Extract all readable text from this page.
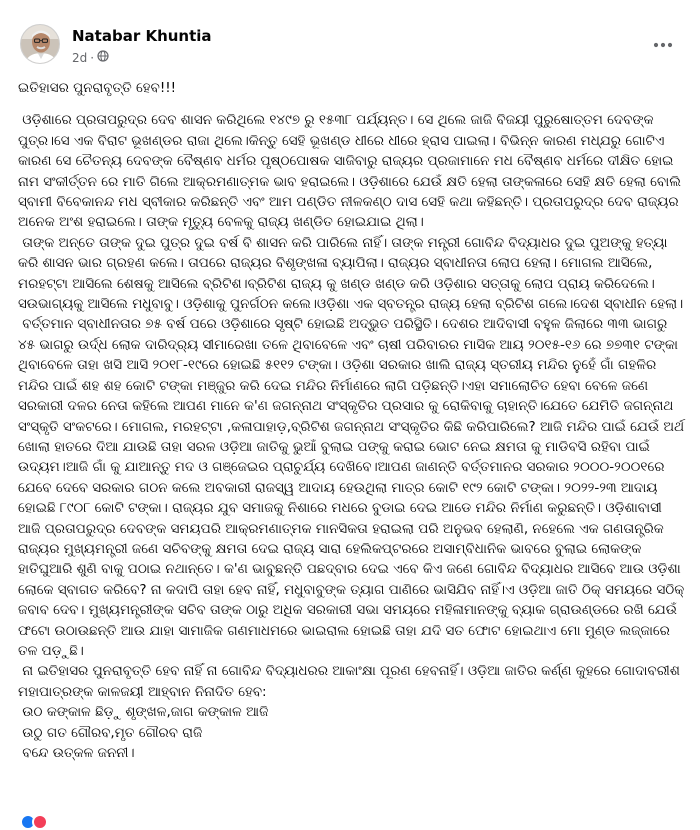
Natabar Khuntia
2d ·

ଇତିହାସର ପୁନରାବୃତ୍ତି ହେବ!!!

ଓଡ଼ିଶାରେ ପ୍ରତାପରୁଦ୍ର ଦେବ ଶାସନ କରିଥିଲେ ୧୪୯୭ ରୁ ୧୫୩୮ ପର୍ଯ୍ୟନ୍ତ। ସେ ଥିଲେ ଜାଜି ବିଜୟୀ ପୁରୁଷୋତ୍ତମ ଦେବଙ୍କ ପୁତ୍ର।ସେ ଏକ ବିରାଟ ଭୂଖଣ୍ଡର ରାଜା ଥିଲେ।କିନ୍ତୁ ସେହି ଭୂଖଣ୍ଡ ଧୀରେ ଧୀରେ ହ୍ରାସ ପାଇଲା। ବିଭିନ୍ନ କାରଣ ମଧ୍ଯରୁ ଗୋଟିଏ କାରଣ ସେ ଚୈତନ୍ୟ ଦେବଙ୍କ ବୈଷ୍ଣବ ଧର୍ମର ପୃଷ୍ଠପୋଷକ ସାଜିବାରୁ ରାଜ୍ୟର ପ୍ରଜାମାନେ ମଧ ବୈଷ୍ଣବ ଧର୍ମରେ ଦୀକ୍ଷିତ ହୋଇ ନାମ ସଂକୀର୍ତ୍ତନ ରେ ମାତି ଗିଲେ ଆକ୍ରମଣାତ୍ମକ ଭାବ ହରାଇଲେ। ଓଡ଼ିଶାରେ ଯେଉଁ କ୍ଷତି ହେଲା ତାଙ୍କଳାରେ ସେହି କ୍ଷତି ହେଲା ବୋଲି ସ୍ବାମୀ ବିବେକାନନ୍ଦ ମଧ ସ୍ବୀକାର କରିଛନ୍ତି ଏବଂ ଆମ ପଣ୍ଡିତ ନୀଳକଣ୍ଠ ଦାସ ସେହି କଥା କହିଛନ୍ତି। ପ୍ରତାପରୁଦ୍ର ଦେବ ରାଜ୍ୟର ଅନେକ ଅଂଶ ହରାଇଲେ। ତାଙ୍କ ମୃତ୍ୟୁ ବେଳକୁ ରାଜ୍ୟ ଖଣ୍ଡିତ ହୋଇଯାଇ ଥିଲା।

ତାଙ୍କ ଅନ୍ତେ ତାଙ୍କ ଦୁଇ ପୁତ୍ର ଦୁଇ ବର୍ଷ ବି ଶାସନ କରି ପାରିଲେ ନାହିଁ। ତାଙ୍କ ମନ୍ତ୍ରୀ ଗୋବିନ୍ଦ ବିଦ୍ୟାଧର ଦୁଇ ପୁଅଙ୍କୁ ହତ୍ୟା କରି ଶାସନ ଭାର ଗ୍ରହଣ କଲେ। ତାପରେ ରାଜ୍ୟର ବିଶୃଙ୍ଖଳା ବ୍ୟାପିଲା। ରାଜ୍ୟର ସ୍ବାଧୀନତା ଲୋପ ହେଲା। ମୋଗଲ ଆସିଲେ, ମରହଟ୍ଟା ଆସିଲେ ଶେଷକୁ ଆସିଲେ ବ୍ରିଟିଶ।ବ୍ରିଟିଶ ରାଜ୍ୟ କୁ ଖଣ୍ଡ ଖଣ୍ଡ କରି ଓଡ଼ିଶାର ସତ୍ତାକୁ ଲୋପ ପ୍ରାୟ କରିଦେଲେ। ସଉଭାଗ୍ୟକୁ ଆସିଲେ ମଧୁବାବୁ। ଓଡ଼ିଶାକୁ ପୁନର୍ଗଠନ କଲେ।ଓଡ଼ିଶା ଏକ ସ୍ବତନ୍ତ୍ର ରାଜ୍ୟ ହେଲା ବ୍ରିଟିଶ ଗଲେ।ଦେଶ ସ୍ବାଧୀନ ହେଲା।

ବର୍ତ୍ତମାନ ସ୍ବାଧୀନତାର ୭୫ ବର୍ଷ ପରେ ଓଡ଼ିଶାରେ ସୃଷ୍ଟି ହୋଇଛି ଅଦ୍ଭୁତ ପରିସ୍ଥିତି। ଦେଶର ଆଦିବାସୀ ବହୁଳ ଜିଲାରେ ୩୩ ଭାଗରୁ ୪୫ ଭାଗରୁ ଉର୍ଦ୍ଧ ଲୋକ ଦାରିଦ୍ର୍ୟ ସୀମାରେଖା ତଳେ ଥିବାବେଳେ ଏବଂ ଚାଷୀ ପରିବାରର ମାସିକ ଆୟ ୨୦୧୫-୧୬ ରେ ୭୭୩୧ ଟଙ୍କା ଥିବାବେଳେ ତାହା ଖସି ଆସି ୨୦୧୮-୧୯ରେ ହୋଇଛି ୫୧୧୨ ଟଙ୍କା। ଓଡ଼ିଶା ସରକାର ଖାଲି ରାଜ୍ୟ ସ୍ତରୀୟ ମନ୍ଦିର ନୁହେଁ ଗାଁ ଗହଳିର ମନ୍ଦିର ପାଇଁ ଶହ ଶହ କୋଟି ଟଙ୍କା ମଞ୍ଜୁର କରି ଦେଇ ମନ୍ଦିର ନିର୍ମାଣରେ ଲାଗି ପଡ଼ିଛନ୍ତି।ଏହା ସମାଲୋଚିତ ହେବା ବେଳେ ଜଣେ ସରକାରୀ ଦଳର ନେତା କହିଲେ ଆପଣ ମାନେ କ'ଣ ଜଗନ୍ନାଥ ସଂସ୍କୃତିର ପ୍ରସାର କୁ ରୋକିବାକୁ ଚାହାନ୍ତି।ଯେତେ ଯେମିତି ଜଗନ୍ନାଥ ସଂସ୍କୃତି ସଂକଟରେ। ମୋଗଲ, ମରହଟ୍ଟା ,କଳାପାହାଡ଼,ବ୍ରିଟିଶ ଜଗନ୍ନାଥ ସଂସ୍କୃତିର କିଛି କରିପାରିଲେ? ଆଜି ମନ୍ଦିର ପାଇଁ ଯେଉଁ ଅର୍ଥ ଖୋଲା ହାତରେ ଦିଆ ଯାଉଛି ତାହା ସରଳ ଓଡ଼ିଆ ଜାତିକୁ ଭୁଆଁ ବୁଲାଇ ପଙ୍କୁ କରାଇ ଭୋଟ ନେଇ କ୍ଷମତା କୁ ମାଡିବସି ରହିବା ପାଇଁ ଉଦ୍ୟମ।ଆଜି ଗାଁ କୁ ଯାଆନ୍ତୁ ମଦ ଓ ଗଞ୍ଜେଇର ପ୍ରାଚୁର୍ଯ୍ୟ ଦେଖିବେ।ଆପଣ ଜାଣନ୍ତି ବର୍ତ୍ତମାନର ସରକାର ୨୦୦୦-୨୦୦୧ରେ ଯେବେ ଦେବେ ସରକାର ଗଠନ କଲେ ଅବକାରୀ ରାଜସ୍ୱ ଆଦାୟ ହେଉଥିଲା ମାତ୍ର କୋଟି ୧୯୨ କୋଟି ଟଙ୍କା। ୨୦୨୨-୨୩ ଆଦାୟ ହୋଇଛି ୮୯୦୮ କୋଟି ଟଙ୍କା। ରାଜ୍ୟର ଯୁବ ସମାଜକୁ ନିଶାରେ ମଧରେ ବୁଡାଇ ଦେଇ ଆଡେ ମନ୍ଦିର ନିର୍ମାଣ କରୁଛନ୍ତି। ଓଡ଼ିଶାବାସୀ ଆଜି ପ୍ରତାପରୁଦ୍ର ଦେବଙ୍କ ସମୟପରି ଆକ୍ରମଣାତ୍ମକ ମାନସିକତା ହରାଇଲା ପରି ଅନୁଭବ ହେଲାଣି, ନହେଲେ ଏକ ଗଣତାନ୍ତ୍ରିକ ରାଜ୍ୟର ମୁଖ୍ୟମନ୍ତ୍ରୀ ଜଣେ ସଚିବଙ୍କୁ କ୍ଷମତା ଦେଇ ରାଜ୍ୟ ସାରା ହେଲିକପ୍ଟରରେ ଅସାମ୍ବିଧାନିକ ଭାବରେ ବୁଲାଇ ଲୋକଙ୍କ ହାତିଘୁଆରି ଶୁଣି ବାକୁ ପଠାଇ ନଥାନ୍ତେ। କ'ଣ ଭାବୁଛନ୍ତି ପଛଦ୍ବାର ଦେଇ ଏବେ କିଏ ଜଣେ ଗୋବିନ୍ଦ ବିଦ୍ୟାଧର ଆସିବେ ଆଉ ଓଡ଼ିଶା ଲୋକେ ସ୍ବାଗତ କରିବେ? ନା କଦାପି ତାହା ହେବ ନାହିଁ, ମଧୁବାବୁଙ୍କ ତ୍ୟାଗ ପାଣିରେ ଭାସିଯିବ ନାହିଁ।ଏ ଓଡ଼ିଆ ଜାତି ଠିକ୍ ସମୟରେ ସଠିକ୍ ଜବାବ ଦେବ। ମୁଖ୍ୟମନ୍ତ୍ରୀଙ୍କ ସଚିବ ତାଙ୍କ ଠାରୁ ଅଧିକ ସରକାରୀ ସଭା ସମୟରେ ମହିଳାମାନଙ୍କୁ ବ୍ୟାକ ଗ୍ରାଉଣ୍ଡରେ ରଖି ଯେଉଁ ଫଟୋ ଉଠାଉଛନ୍ତି ଆଉ ଯାହା ସାମାଜିକ ଗଣମାଧମରେ ଭାଇରାଲ ହୋଇଛି ତାହା ଯଦି ସତ ଫୋଟ ହୋଇଥାଏ ମୋ ମୁଣ୍ଡ ଲଜ୍ଜାରେ ତଳ ପଡ଼ୁଛି।

ନା ଇତିହାସର ପୁନରାବୃତ୍ତି ହେବ ନାହିଁ ନା ଗୋବିନ୍ଦ ବିଦ୍ୟାଧରର ଆକାଂକ୍ଷା ପୂରଣ ହେବନାହିଁ। ଓଡ଼ିଆ ଜାତିର କର୍ଣ୍ଣ କୁହରେ ଗୋଦାବରୀଶ ମହାପାତ୍ରଙ୍କ କାଳଜୟୀ ଆହ୍ବାନ ନିନାଦିତ ହେବ:

ଉଠ କଙ୍କାଳ ଛିଡ଼ୁ ଶୃଙ୍ଖଳ,ଜାଗ କଙ୍କାଳ ଆଜି

ଉଠୁ ଗତ ଗୌରବ,ମୃତ ଗୌରବ ରାଜି

ବନ୍ଦେ ଉତ୍କଳ ଜନନୀ।
